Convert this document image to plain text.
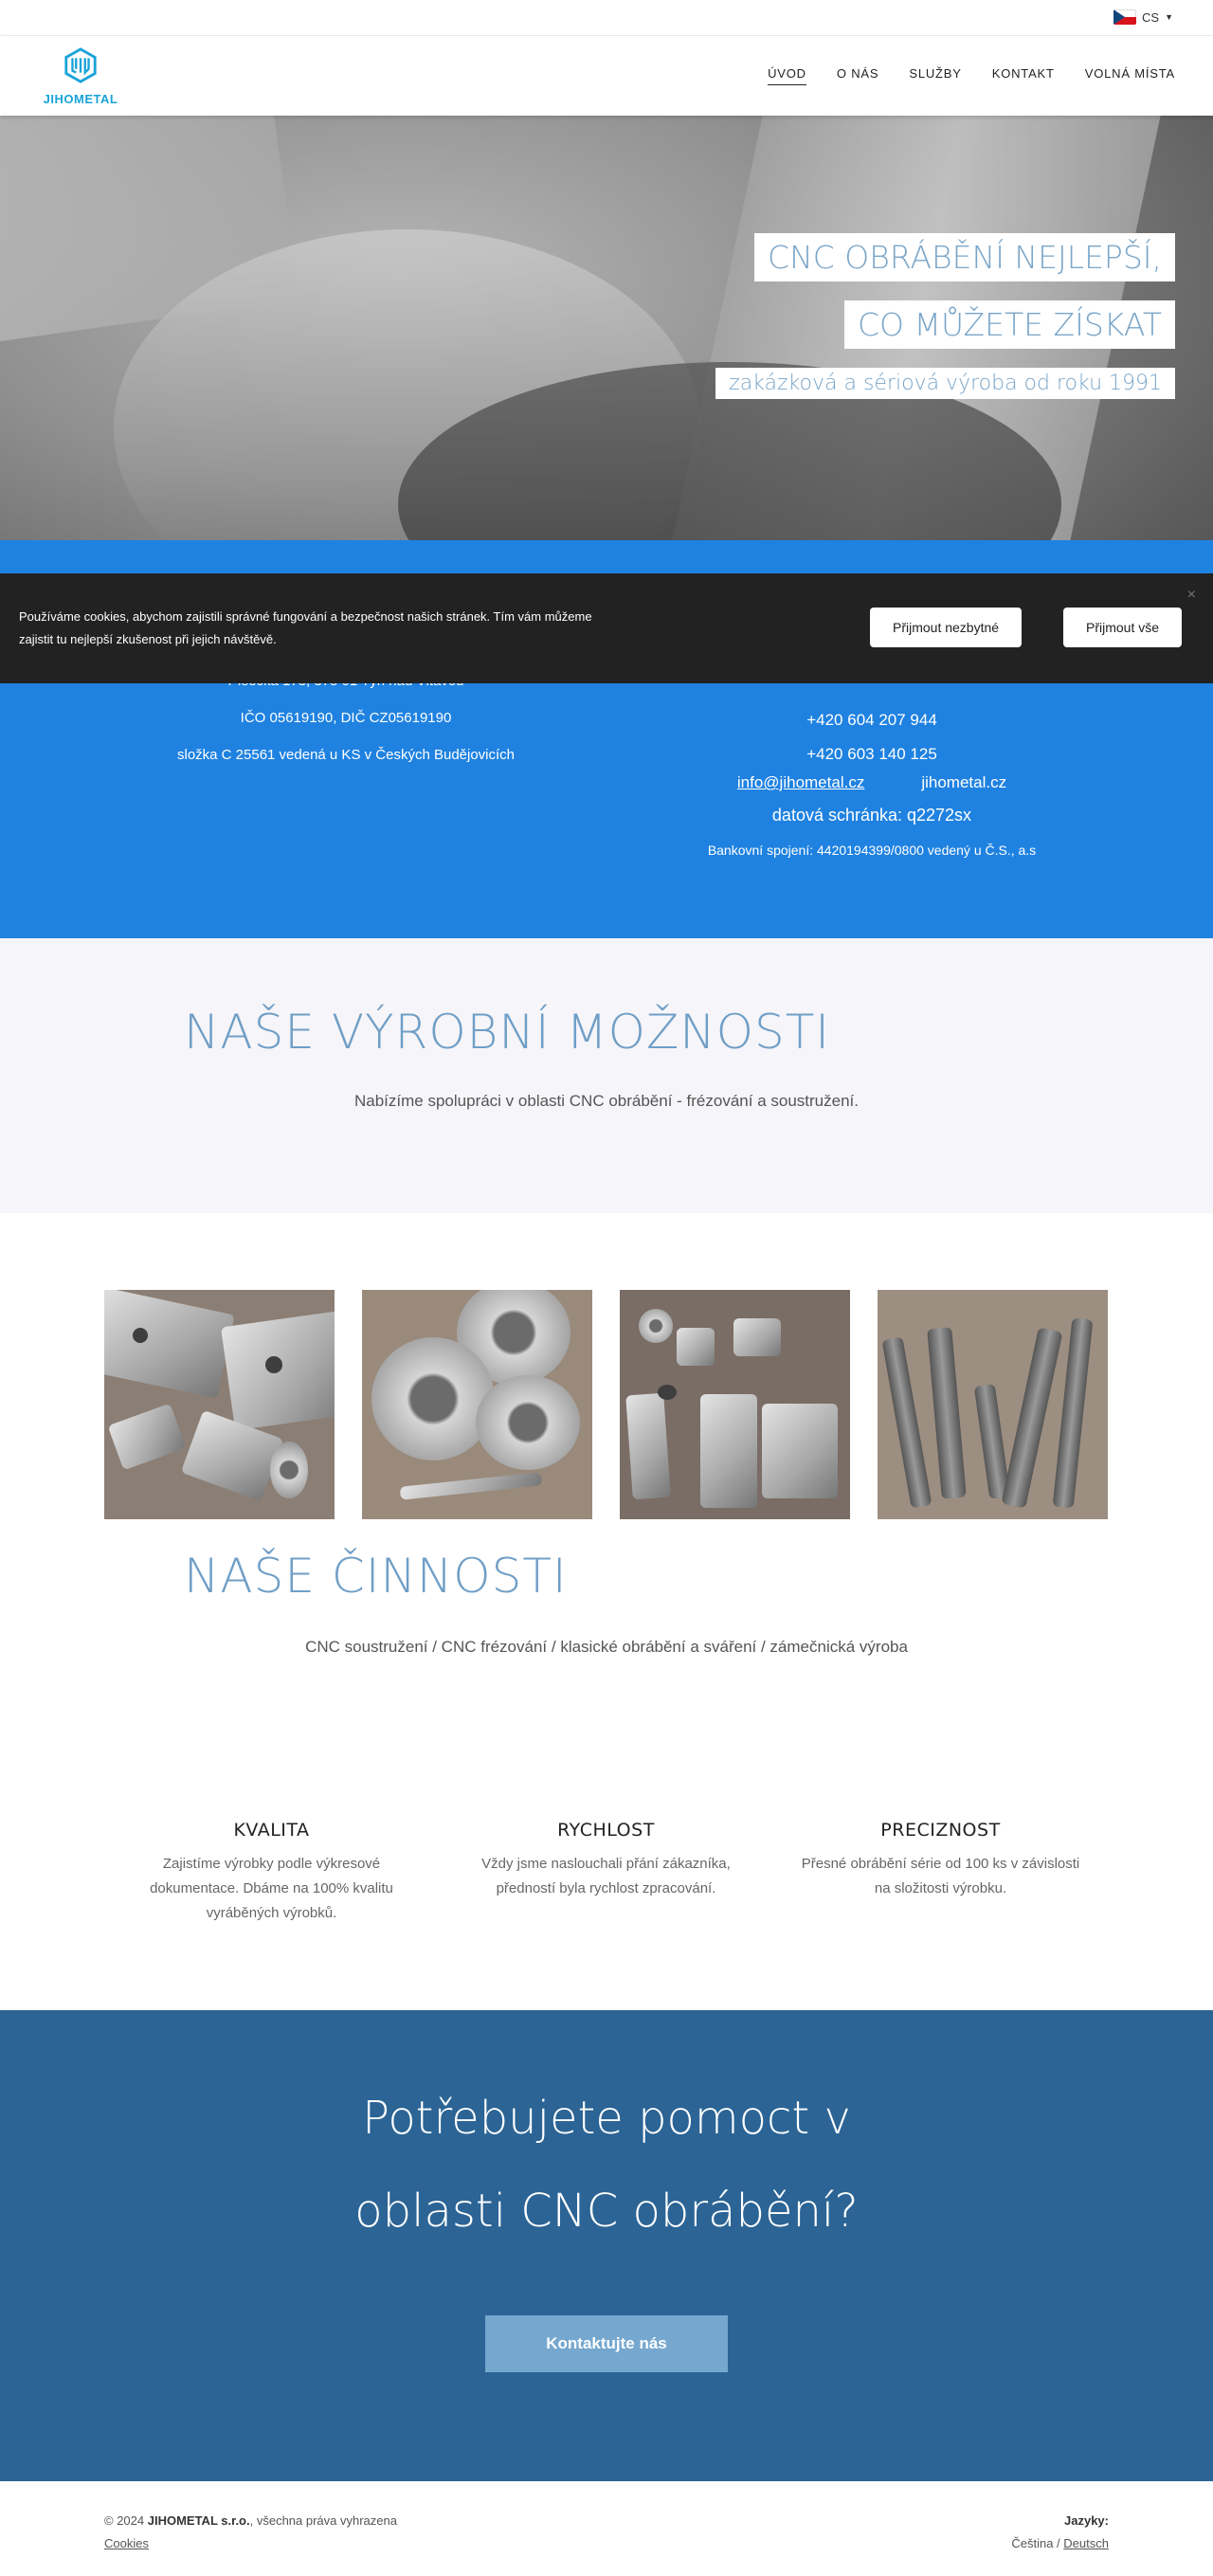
CS ▼
JIHOMETAL
ÚVOD O NÁS SLUŽBY KONTAKT VOLNÁ MÍSTA
CNC OBRÁBĚNÍ NEJLEPŠÍ,
CO MŮŽETE ZÍSKAT
zakázková a sériová výroba od roku 1991

IČO 05619190, DIČ CZ05619190

složka C 25561 vedená u KS v Českých Budějovicích

+420 604 207 944
+420 603 140 125
info@jihometal.cz	jihometal.cz
datová schránka: q2272sx
Bankovní spojení: 4420194399/0800 vedený u Č.S., a.s
Používáme cookies, abychom zajistili správné fungování a bezpečnost našich stránek. Tím vám můžeme zajistit tu nejlepší zkušenost při jejich návštěvě.
Přijmout nezbytné	Přijmout vše
×
NAŠE VÝROBNÍ MOŽNOSTI
Nabízíme spolupráci v oblasti CNC obrábění - frézování a soustružení.
NAŠE ČINNOSTI
CNC soustružení / CNC frézování / klasické obrábění a sváření / zámečnická výroba
KVALITA

Zajistíme výrobky podle výkresové dokumentace. Dbáme na 100% kvalitu vyráběných výrobků.

RYCHLOST

Vždy jsme naslouchali přání zákazníka, předností byla rychlost zpracování.

PRECIZNOST

Přesné obrábění série od 100 ks v závislosti na složitosti výrobku.

Potřebujete pomoct v
oblasti CNC obrábění?
Kontaktujte nás
© 2024 JIHOMETAL s.r.o., všechna práva vyhrazena
Cookies
Jazyky:
Čeština / Deutsch
